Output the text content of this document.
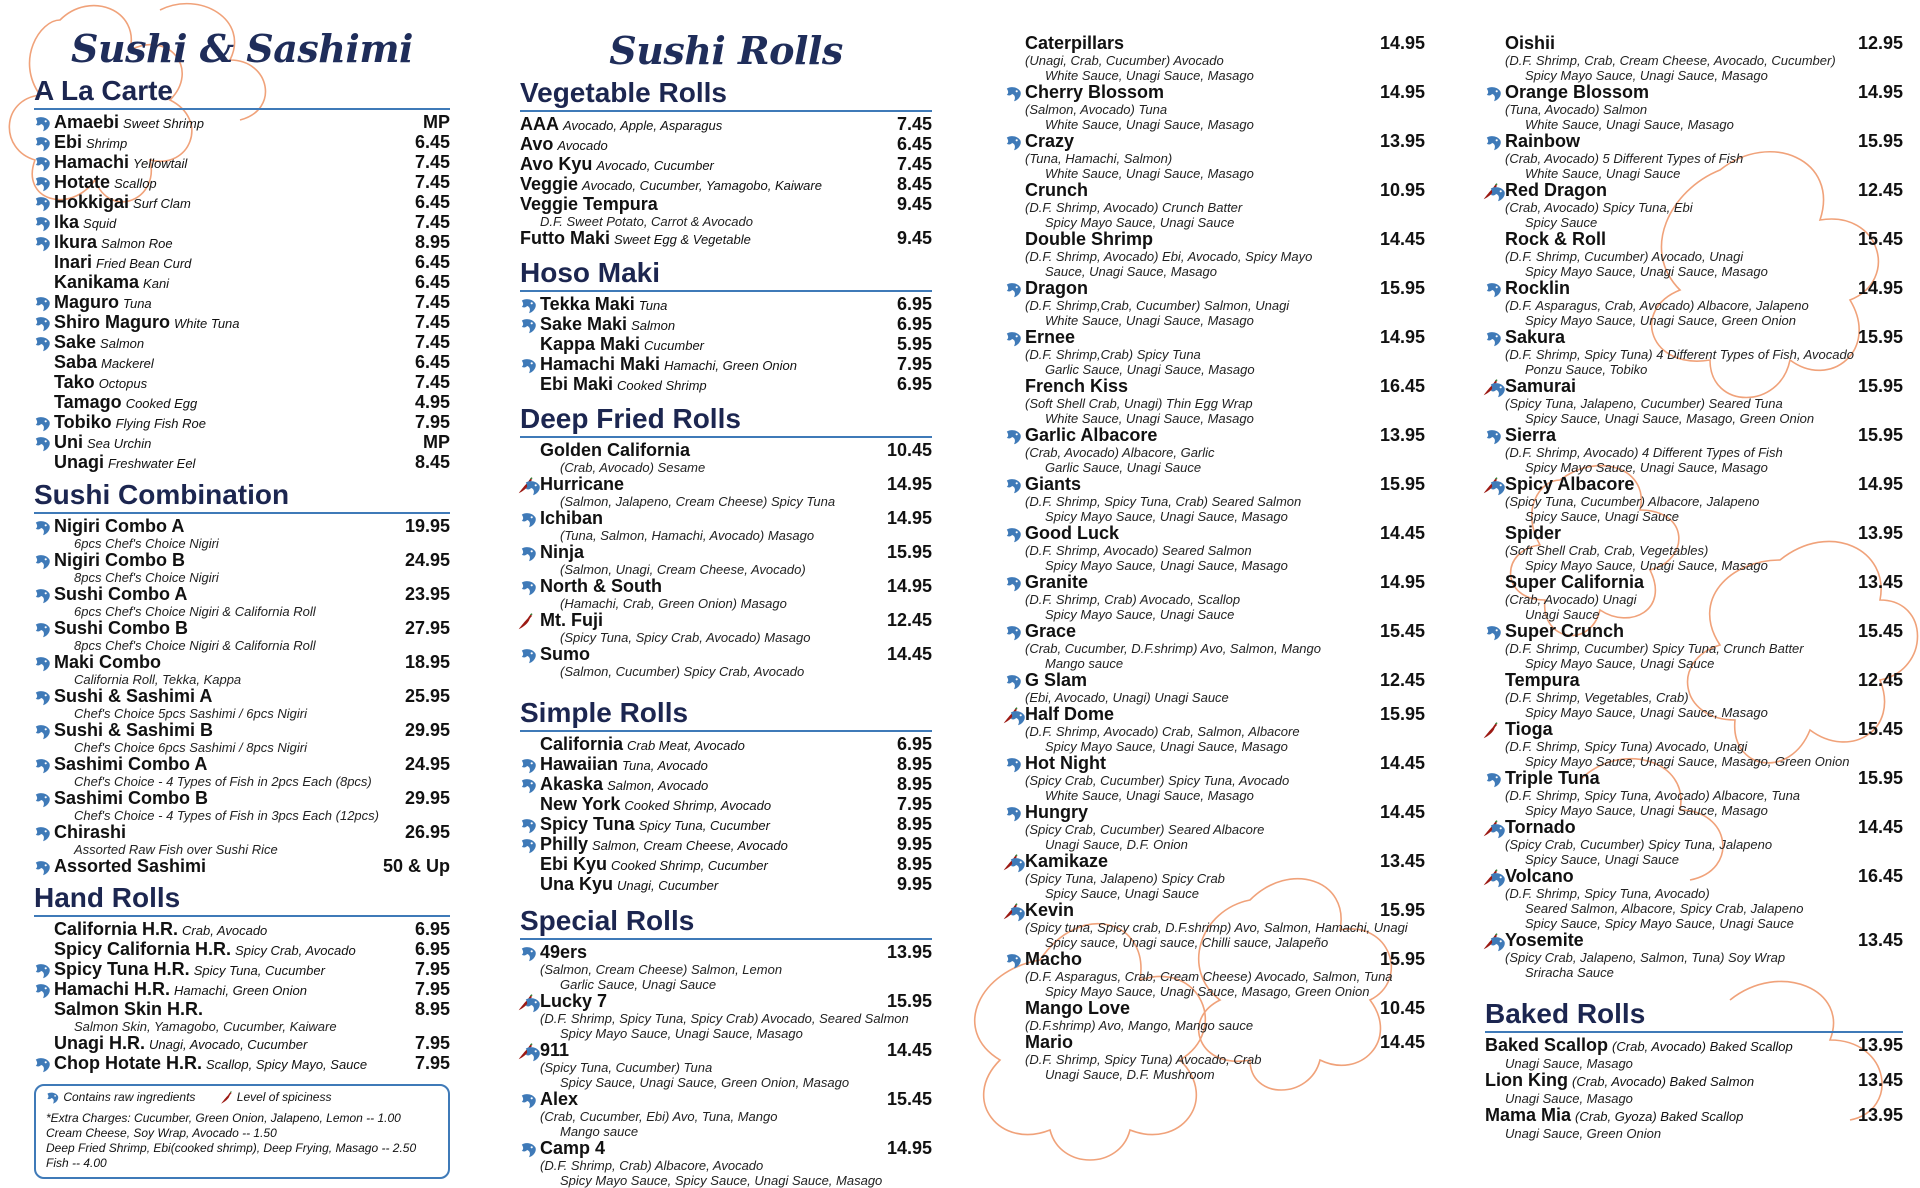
Sushi & Sashimi
A La Carte
Amaebi Sweet Shrimp	MP
Ebi Shrimp	6.45
Hamachi Yellowtail	7.45
Hotate Scallop	7.45
Hokkigai Surf Clam	6.45
Ika Squid	7.45
Ikura Salmon Roe	8.95
Inari Fried Bean Curd	6.45
Kanikama Kani	6.45
Maguro Tuna	7.45
Shiro Maguro White Tuna	7.45
Sake Salmon	7.45
Saba Mackerel	6.45
Tako Octopus	7.45
Tamago Cooked Egg	4.95
Tobiko Flying Fish Roe	7.95
Uni Sea Urchin	MP
Unagi Freshwater Eel	8.45
Sushi Combination
Nigiri Combo A	19.95
6pcs Chef's Choice Nigiri
Nigiri Combo B	24.95
8pcs Chef's Choice Nigiri
Sushi Combo A	23.95
6pcs Chef's Choice Nigiri & California Roll
Sushi Combo B	27.95
8pcs Chef's Choice Nigiri & California Roll
Maki Combo	18.95
California Roll, Tekka, Kappa
Sushi & Sashimi A	25.95
Chef's Choice 5pcs Sashimi / 6pcs Nigiri
Sushi & Sashimi B	29.95
Chef's Choice 6pcs Sashimi / 8pcs Nigiri
Sashimi Combo A	24.95
Chef's Choice - 4 Types of Fish in 2pcs Each (8pcs)
Sashimi Combo B	29.95
Chef's Choice - 4 Types of Fish in 3pcs Each (12pcs)
Chirashi	26.95
Assorted Raw Fish over Sushi Rice
Assorted Sashimi	50 & Up
Hand Rolls
California H.R. Crab, Avocado	6.95
Spicy California H.R. Spicy Crab, Avocado	6.95
Spicy Tuna H.R. Spicy Tuna, Cucumber	7.95
Hamachi H.R. Hamachi, Green Onion	7.95
Salmon Skin H.R.	8.95
Salmon Skin, Yamagobo, Cucumber, Kaiware
Unagi H.R. Unagi, Avocado, Cucumber	7.95
Chop Hotate H.R. Scallop, Spicy Mayo, Sauce	7.95
Contains raw ingredients	Level of spiciness
*Extra Charges: Cucumber, Green Onion, Jalapeno, Lemon -- 1.00
Cream Cheese, Soy Wrap, Avocado -- 1.50
Deep Fried Shrimp, Ebi(cooked shrimp), Deep Frying, Masago -- 2.50
Fish -- 4.00
Sushi Rolls
Vegetable Rolls
AAA Avocado, Apple, Asparagus	7.45
Avo Avocado	6.45
Avo Kyu Avocado, Cucumber	7.45
Veggie Avocado, Cucumber, Yamagobo, Kaiware	8.45
Veggie Tempura	9.45
D.F. Sweet Potato, Carrot & Avocado
Futto Maki Sweet Egg & Vegetable	9.45
Hoso Maki
Tekka Maki Tuna	6.95
Sake Maki Salmon	6.95
Kappa Maki Cucumber	5.95
Hamachi Maki Hamachi, Green Onion	7.95
Ebi Maki Cooked Shrimp	6.95
Deep Fried Rolls
Golden California	10.45
(Crab, Avocado) Sesame
Hurricane	14.95
(Salmon, Jalapeno, Cream Cheese) Spicy Tuna
Ichiban	14.95
(Tuna, Salmon, Hamachi, Avocado) Masago
Ninja	15.95
(Salmon, Unagi, Cream Cheese, Avocado)
North & South	14.95
(Hamachi, Crab, Green Onion) Masago
Mt. Fuji	12.45
(Spicy Tuna, Spicy Crab, Avocado) Masago
Sumo	14.45
(Salmon, Cucumber) Spicy Crab, Avocado
Simple Rolls
California Crab Meat, Avocado	6.95
Hawaiian Tuna, Avocado	8.95
Akaska Salmon, Avocado	8.95
New York Cooked Shrimp, Avocado	7.95
Spicy Tuna Spicy Tuna, Cucumber	8.95
Philly Salmon, Cream Cheese, Avocado	9.95
Ebi Kyu Cooked Shrimp, Cucumber	8.95
Una Kyu Unagi, Cucumber	9.95
Special Rolls
49ers	13.95
(Salmon, Cream Cheese) Salmon, Lemon
Garlic Sauce, Unagi Sauce
Lucky 7	15.95
(D.F. Shrimp, Spicy Tuna, Spicy Crab) Avocado, Seared Salmon
Spicy Mayo Sauce, Unagi Sauce, Masago
911	14.45
(Spicy Tuna, Cucumber) Tuna
Spicy Sauce, Unagi Sauce, Green Onion, Masago
Alex	15.45
(Crab, Cucumber, Ebi) Avo, Tuna, Mango
Mango sauce
Camp 4	14.95
(D.F. Shrimp, Crab) Albacore, Avocado
Spicy Mayo Sauce, Spicy Sauce, Unagi Sauce, Masago
Caterpillars	14.95
(Unagi, Crab, Cucumber) Avocado
White Sauce, Unagi Sauce, Masago
Cherry Blossom	14.95
(Salmon, Avocado) Tuna
White Sauce, Unagi Sauce, Masago
Crazy	13.95
(Tuna, Hamachi, Salmon)
White Sauce, Unagi Sauce, Masago
Crunch	10.95
(D.F. Shrimp, Avocado) Crunch Batter
Spicy Mayo Sauce, Unagi Sauce
Double Shrimp	14.45
(D.F. Shrimp, Avocado) Ebi, Avocado, Spicy Mayo
Sauce, Unagi Sauce, Masago
Dragon	15.95
(D.F. Shrimp,Crab, Cucumber) Salmon, Unagi
White Sauce, Unagi Sauce, Masago
Ernee	14.95
(D.F. Shrimp,Crab) Spicy Tuna
Garlic Sauce, Unagi Sauce, Masago
French Kiss	16.45
(Soft Shell Crab, Unagi) Thin Egg Wrap
White Sauce, Unagi Sauce, Masago
Garlic Albacore	13.95
(Crab, Avocado) Albacore, Garlic
Garlic Sauce, Unagi Sauce
Giants	15.95
(D.F. Shrimp, Spicy Tuna, Crab) Seared Salmon
Spicy Mayo Sauce, Unagi Sauce, Masago
Good Luck	14.45
(D.F. Shrimp, Avocado) Seared Salmon
Spicy Mayo Sauce, Unagi Sauce, Masago
Granite	14.95
(D.F. Shrimp, Crab) Avocado, Scallop
Spicy Mayo Sauce, Unagi Sauce
Grace	15.45
(Crab, Cucumber, D.F.shrimp) Avo, Salmon, Mango
Mango sauce
G Slam	12.45
(Ebi, Avocado, Unagi) Unagi Sauce
Half Dome	15.95
(D.F. Shrimp, Avocado) Crab, Salmon, Albacore
Spicy Mayo Sauce, Unagi Sauce, Masago
Hot Night	14.45
(Spicy Crab, Cucumber) Spicy Tuna, Avocado
White Sauce, Unagi Sauce, Masago
Hungry	14.45
(Spicy Crab, Cucumber) Seared Albacore
Unagi Sauce, D.F. Onion
Kamikaze	13.45
(Spicy Tuna, Jalapeno) Spicy Crab
Spicy Sauce, Unagi Sauce
Kevin	15.95
(Spicy tuna, Spicy crab, D.F.shrimp) Avo, Salmon, Hamachi, Unagi
Spicy sauce, Unagi sauce, Chilli sauce, Jalapeño
Macho	15.95
(D.F. Asparagus, Crab, Cream Cheese) Avocado, Salmon, Tuna
Spicy Mayo Sauce, Unagi Sauce, Masago, Green Onion
Mango Love	10.45
(D.F.shrimp) Avo, Mango, Mango sauce
Mario	14.45
(D.F. Shrimp, Spicy Tuna) Avocado, Crab
Unagi Sauce, D.F. Mushroom
Oishii	12.95
(D.F. Shrimp, Crab, Cream Cheese, Avocado, Cucumber)
Spicy Mayo Sauce, Unagi Sauce, Masago
Orange Blossom	14.95
(Tuna, Avocado) Salmon
White Sauce, Unagi Sauce, Masago
Rainbow	15.95
(Crab, Avocado) 5 Different Types of Fish
White Sauce, Unagi Sauce
Red Dragon	12.45
(Crab, Avocado) Spicy Tuna, Ebi
Spicy Sauce
Rock & Roll	15.45
(D.F. Shrimp, Cucumber) Avocado, Unagi
Spicy Mayo Sauce, Unagi Sauce, Masago
Rocklin	14.95
(D.F. Asparagus, Crab, Avocado) Albacore, Jalapeno
Spicy Mayo Sauce, Unagi Sauce, Green Onion
Sakura	15.95
(D.F. Shrimp, Spicy Tuna) 4 Different Types of Fish, Avocado
Ponzu Sauce, Tobiko
Samurai	15.95
(Spicy Tuna, Jalapeno, Cucumber) Seared Tuna
Spicy Sauce, Unagi Sauce, Masago, Green Onion
Sierra	15.95
(D.F. Shrimp, Avocado) 4 Different Types of Fish
Spicy Mayo Sauce, Unagi Sauce, Masago
Spicy Albacore	14.95
(Spicy Tuna, Cucumber) Albacore, Jalapeno
Spicy Sauce, Unagi Sauce
Spider	13.95
(Soft Shell Crab, Crab, Vegetables)
Spicy Mayo Sauce, Unagi Sauce, Masago
Super California	13.45
(Crab, Avocado) Unagi
Unagi Sauce
Super Crunch	15.45
(D.F. Shrimp, Cucumber) Spicy Tuna, Crunch Batter
Spicy Mayo Sauce, Unagi Sauce
Tempura	12.45
(D.F. Shrimp, Vegetables, Crab)
Spicy Mayo Sauce, Unagi Sauce, Masago
Tioga	15.45
(D.F. Shrimp, Spicy Tuna) Avocado, Unagi
Spicy Mayo Sauce, Unagi Sauce, Masago, Green Onion
Triple Tuna	15.95
(D.F. Shrimp, Spicy Tuna, Avocado) Albacore, Tuna
Spicy Mayo Sauce, Unagi Sauce, Masago
Tornado	14.45
(Spicy Crab, Cucumber) Spicy Tuna, Jalapeno
Spicy Sauce, Unagi Sauce
Volcano	16.45
(D.F. Shrimp, Spicy Tuna, Avocado)
Seared Salmon, Albacore, Spicy Crab, Jalapeno
Spicy Sauce, Spicy Mayo Sauce, Unagi Sauce
Yosemite	13.45
(Spicy Crab, Jalapeno, Salmon, Tuna) Soy Wrap
Sriracha Sauce
Baked Rolls
Baked Scallop (Crab, Avocado) Baked Scallop	13.95
Unagi Sauce, Masago
Lion King (Crab, Avocado) Baked Salmon	13.45
Unagi Sauce, Masago
Mama Mia (Crab, Gyoza) Baked Scallop	13.95
Unagi Sauce, Green Onion
